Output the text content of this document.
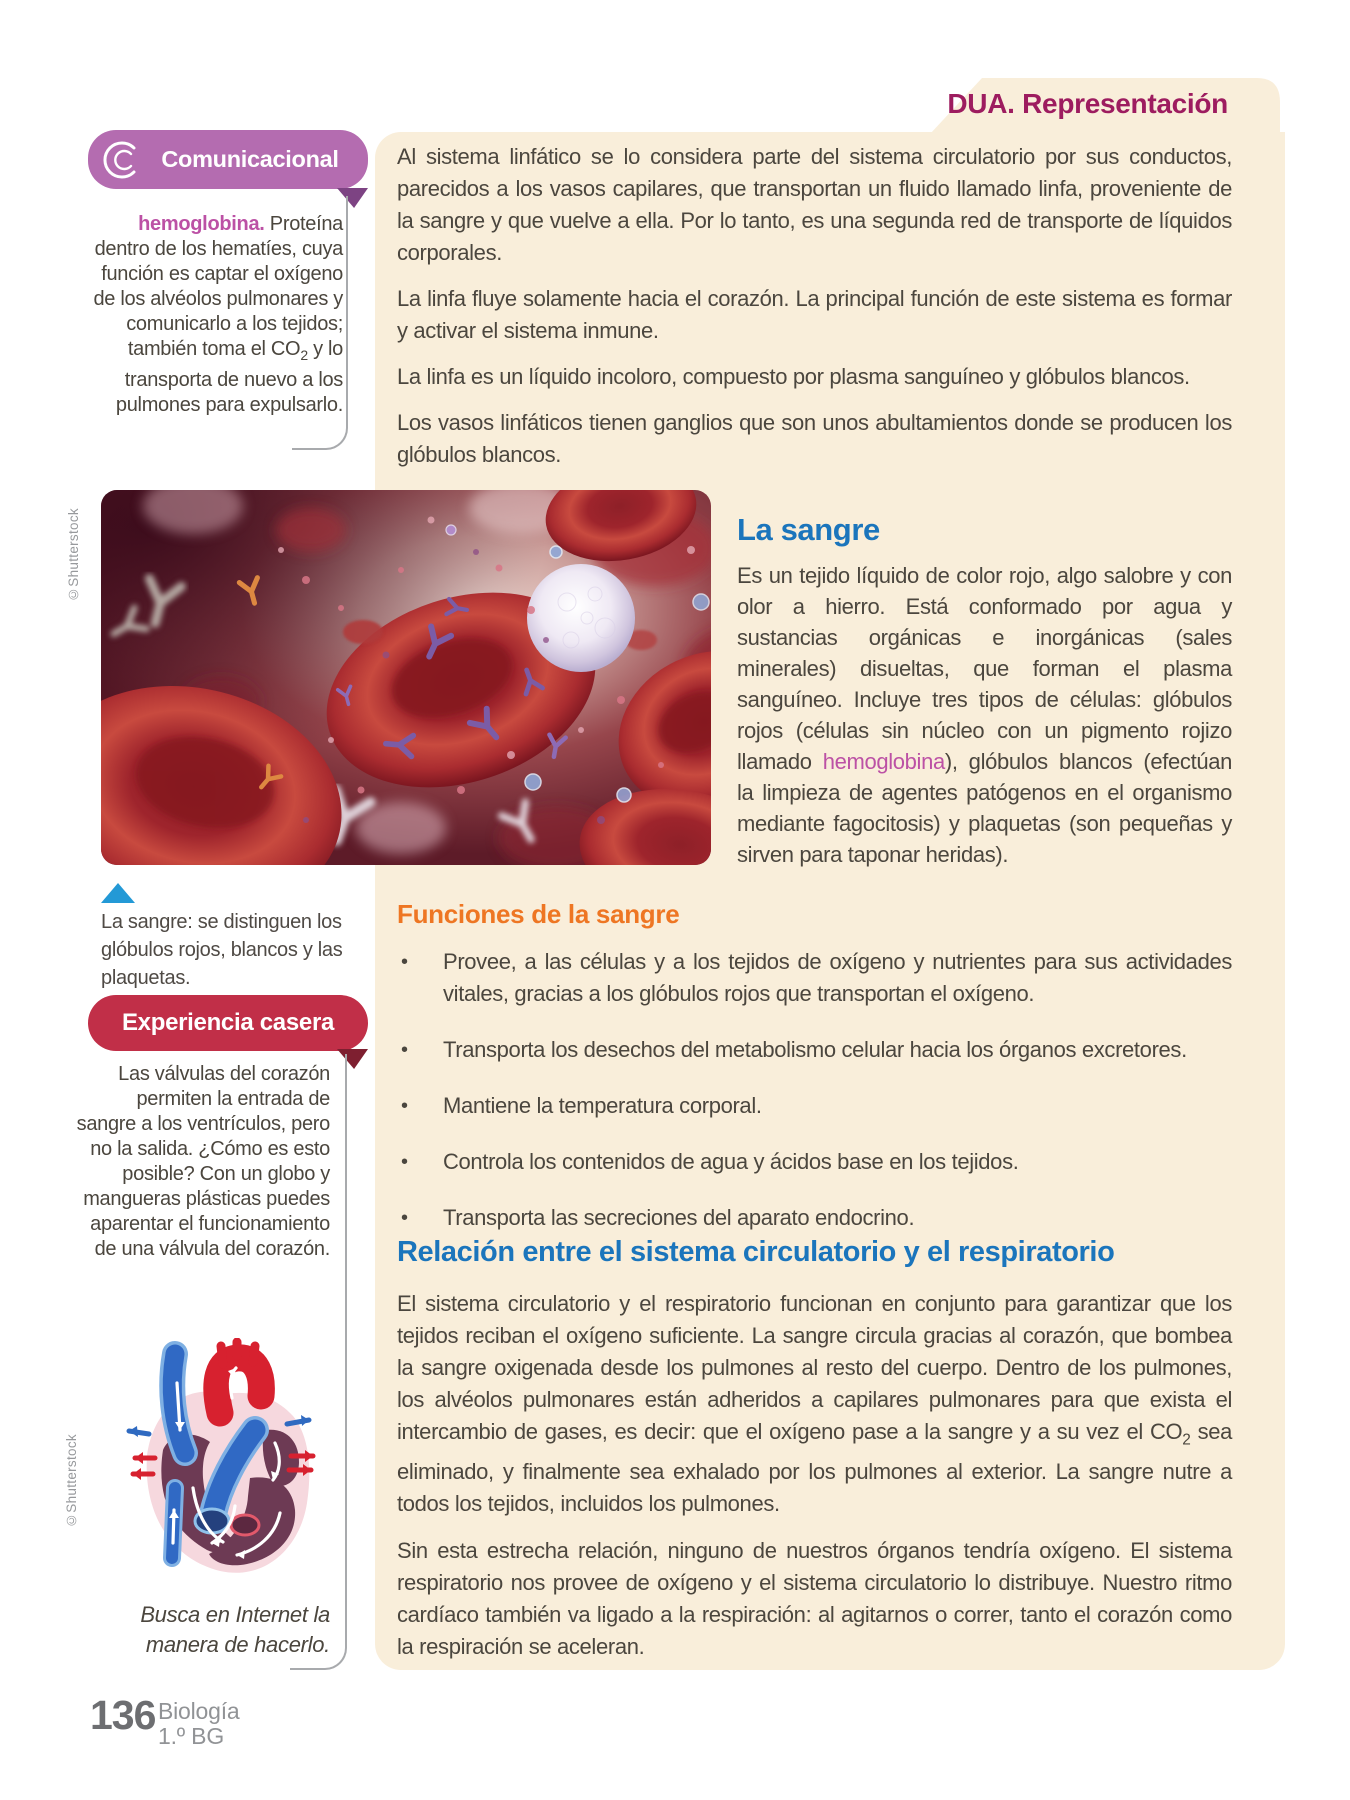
DUA. Representación

Al sistema linfático se lo considera parte del sistema circulatorio por sus conductos, parecidos a los vasos capilares, que transportan un fluido llamado linfa, proveniente de la sangre y que vuelve a ella. Por lo tanto, es una segunda red de transporte de líquidos corporales.

La linfa fluye solamente hacia el corazón. La principal función de este sistema es formar y activar el sistema inmune.

La linfa es un líquido incoloro, compuesto por plasma sanguíneo y glóbulos blancos.

Los vasos linfáticos tienen ganglios que son unos abultamientos donde se producen los glóbulos blancos.

Comunicacional
hemoglobina. Proteína dentro de los hematíes, cuya función es captar el oxígeno de los alvéolos pulmonares y comunicarlo a los tejidos; también toma el $CO_2$ y lo transporta de nuevo a los pulmones para expulsarlo.
©Shutterstock
La sangre: se distinguen los glóbulos rojos, blancos y las plaquetas.
La sangre
Es un tejido líquido de color rojo, algo salobre y con olor a hierro. Está conformado por agua y sustancias orgánicas e inorgánicas (sales minerales) disueltas, que forman el plasma sanguíneo. Incluye tres tipos de células: glóbulos rojos (células sin núcleo con un pigmento rojizo llamado hemoglobina), glóbulos blancos (efectúan la limpieza de agentes patógenos en el organismo mediante fagocitosis) y plaquetas (son pequeñas y sirven para taponar heridas).
Funciones de la sangre
•	Provee, a las células y a los tejidos de oxígeno y nutrientes para sus actividades vitales, gracias a los glóbulos rojos que transportan el oxígeno.
•	Transporta los desechos del metabolismo celular hacia los órganos excretores.
•	Mantiene la temperatura corporal.
•	Controla los contenidos de agua y ácidos base en los tejidos.
•	Transporta las secreciones del aparato endocrino.
Relación entre el sistema circulatorio y el respiratorio

El sistema circulatorio y el respiratorio funcionan en conjunto para garantizar que los tejidos reciban el oxígeno suficiente. La sangre circula gracias al corazón, que bombea la sangre oxigenada desde los pulmones al resto del cuerpo. Dentro de los pulmones, los alvéolos pulmonares están adheridos a capilares pulmonares para que exista el intercambio de gases, es decir: que el oxígeno pase a la sangre y a su vez el $CO_2$ sea eliminado, y finalmente sea exhalado por los pulmones al exterior. La sangre nutre a todos los tejidos, incluidos los pulmones.

Sin esta estrecha relación, ninguno de nuestros órganos tendría oxígeno. El sistema respiratorio nos provee de oxígeno y el sistema circulatorio lo distribuye. Nuestro ritmo cardíaco también va ligado a la respiración: al agitarnos o correr, tanto el corazón como la respiración se aceleran.

Experiencia casera
Las válvulas del corazón permiten la entrada de sangre a los ventrículos, pero no la salida. ¿Cómo es esto posible? Con un globo y mangueras plásticas puedes aparentar el funcionamiento de una válvula del corazón.
©Shutterstock
Busca en Internet la manera de hacerlo.
136 Biología
1.º BG
